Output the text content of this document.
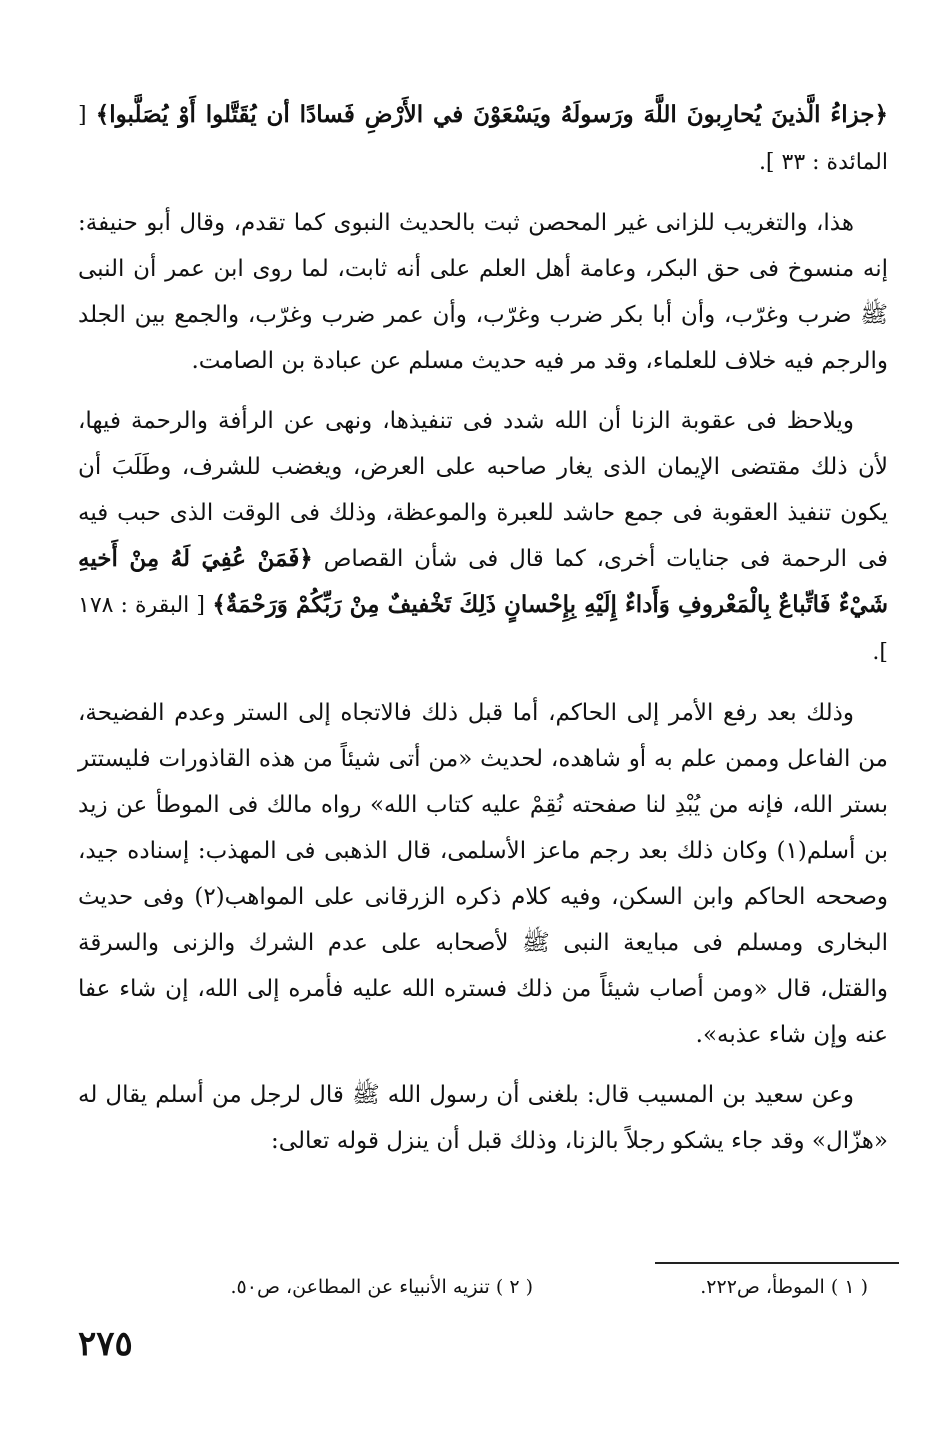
﴿جزاءُ الَّذينَ يُحارِبونَ اللَّهَ ورَسولَهُ ويَسْعَوْنَ في الأَرْضِ فَسادًا أن يُقَتَّلوا أَوْ يُصَلَّبوا﴾ [ المائدة : ٣٣ ].

هذا، والتغريب للزانى غير المحصن ثبت بالحديث النبوى كما تقدم، وقال أبو حنيفة: إنه منسوخ فى حق البكر، وعامة أهل العلم على أنه ثابت، لما روى ابن عمر أن النبى ﷺ ضرب وغرّب، وأن أبا بكر ضرب وغرّب، وأن عمر ضرب وغرّب، والجمع بين الجلد والرجم فيه خلاف للعلماء، وقد مر فيه حديث مسلم عن عبادة بن الصامت.

ويلاحظ فى عقوبة الزنا أن الله شدد فى تنفيذها، ونهى عن الرأفة والرحمة فيها، لأن ذلك مقتضى الإيمان الذى يغار صاحبه على العرض، ويغضب للشرف، وطَلَبَ أن يكون تنفيذ العقوبة فى جمع حاشد للعبرة والموعظة، وذلك فى الوقت الذى حبب فيه فى الرحمة فى جنايات أخرى، كما قال فى شأن القصاص ﴿فَمَنْ عُفِيَ لَهُ مِنْ أَخيهِ شَيْءٌ فَاتِّباعٌ بِالْمَعْروفِ وَأَداءٌ إِلَيْهِ بِإِحْسانٍ ذَلِكَ تَخْفيفٌ مِنْ رَبِّكُمْ وَرَحْمَةٌ﴾ [ البقرة : ١٧٨ ].

وذلك بعد رفع الأمر إلى الحاكم، أما قبل ذلك فالاتجاه إلى الستر وعدم الفضيحة، من الفاعل وممن علم به أو شاهده، لحديث «من أتى شيئاً من هذه القاذورات فليستتر بستر الله، فإنه من يُبْدِ لنا صفحته نُقِمْ عليه كتاب الله» رواه مالك فى الموطأ عن زيد بن أسلم(١) وكان ذلك بعد رجم ماعز الأسلمى، قال الذهبى فى المهذب: إسناده جيد، وصححه الحاكم وابن السكن، وفيه كلام ذكره الزرقانى على المواهب(٢) وفى حديث البخارى ومسلم فى مبايعة النبى ﷺ لأصحابه على عدم الشرك والزنى والسرقة والقتل، قال «ومن أصاب شيئاً من ذلك فستره الله عليه فأمره إلى الله، إن شاء عفا عنه وإن شاء عذبه».

وعن سعيد بن المسيب قال: بلغنى أن رسول الله ﷺ قال لرجل من أسلم يقال له «هزّال» وقد جاء يشكو رجلاً بالزنا، وذلك قبل أن ينزل قوله تعالى:

( ١ ) الموطأ، ص٢٢٢.
( ٢ ) تنزيه الأنبياء عن المطاعن، ص٥٠.
٢٧٥
